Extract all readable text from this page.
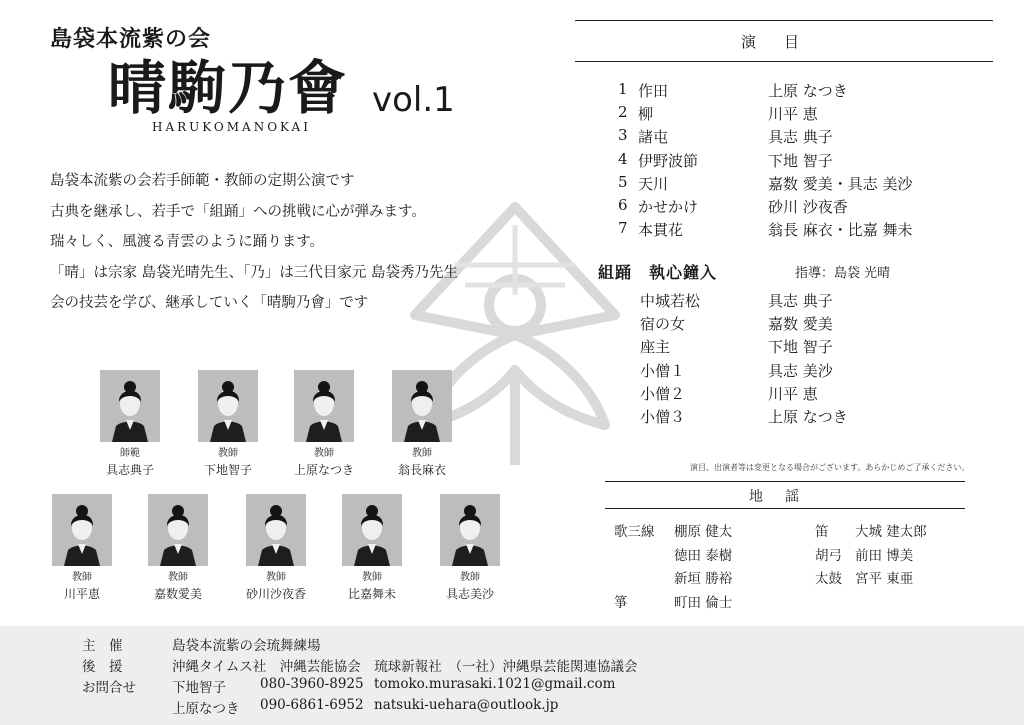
島袋本流紫の会
晴駒乃會 vol.1
HARUKOMANOKAI
島袋本流紫の会若手師範・教師の定期公演です
古典を継承し、若手で「組踊」への挑戦に心が弾みます。
瑞々しく、風渡る青雲のように踊ります。
「晴」は宗家 島袋光晴先生、「乃」は三代目家元 島袋秀乃先生
会の技芸を学び、継承していく「晴駒乃會」です
師範
具志典子
教師
下地智子
教師
上原なつき
教師
翁長麻衣
教師
川平恵
教師
嘉数愛美
教師
砂川沙夜香
教師
比嘉舞未
教師
具志美沙
演目
1 作田	上原 なつき
2 柳	川平 恵
3 諸屯	具志 典子
4 伊野波節	下地 智子
5 天川	嘉数 愛美・具志 美沙
6 かせかけ	砂川 沙夜香
7 本貫花	翁長 麻衣・比嘉 舞未
組踊　執心鐘入	指導：島袋 光晴
中城若松	具志 典子
宿の女	嘉数 愛美
座主	下地 智子
小僧１	具志 美沙
小僧２	川平 恵
小僧３	上原 なつき
演目、出演者等は変更となる場合がございます。あらかじめご了承ください。
地謡
歌三線 棚原 健太
徳田 泰樹
新垣 勝裕
箏	町田 倫士
笛 大城 建太郎
胡弓 前田 博美
太鼓 宮平 東亜
主　催	島袋本流紫の会琉舞練場
後　援	沖縄タイムス社　沖縄芸能協会　琉球新報社　（一社）沖縄県芸能関連協議会
お問合せ	下地智子	080-3960-8925 tomoko.murasaki.1021@gmail.com
上原なつき 090-6861-6952 natsuki-uehara@outlook.jp
